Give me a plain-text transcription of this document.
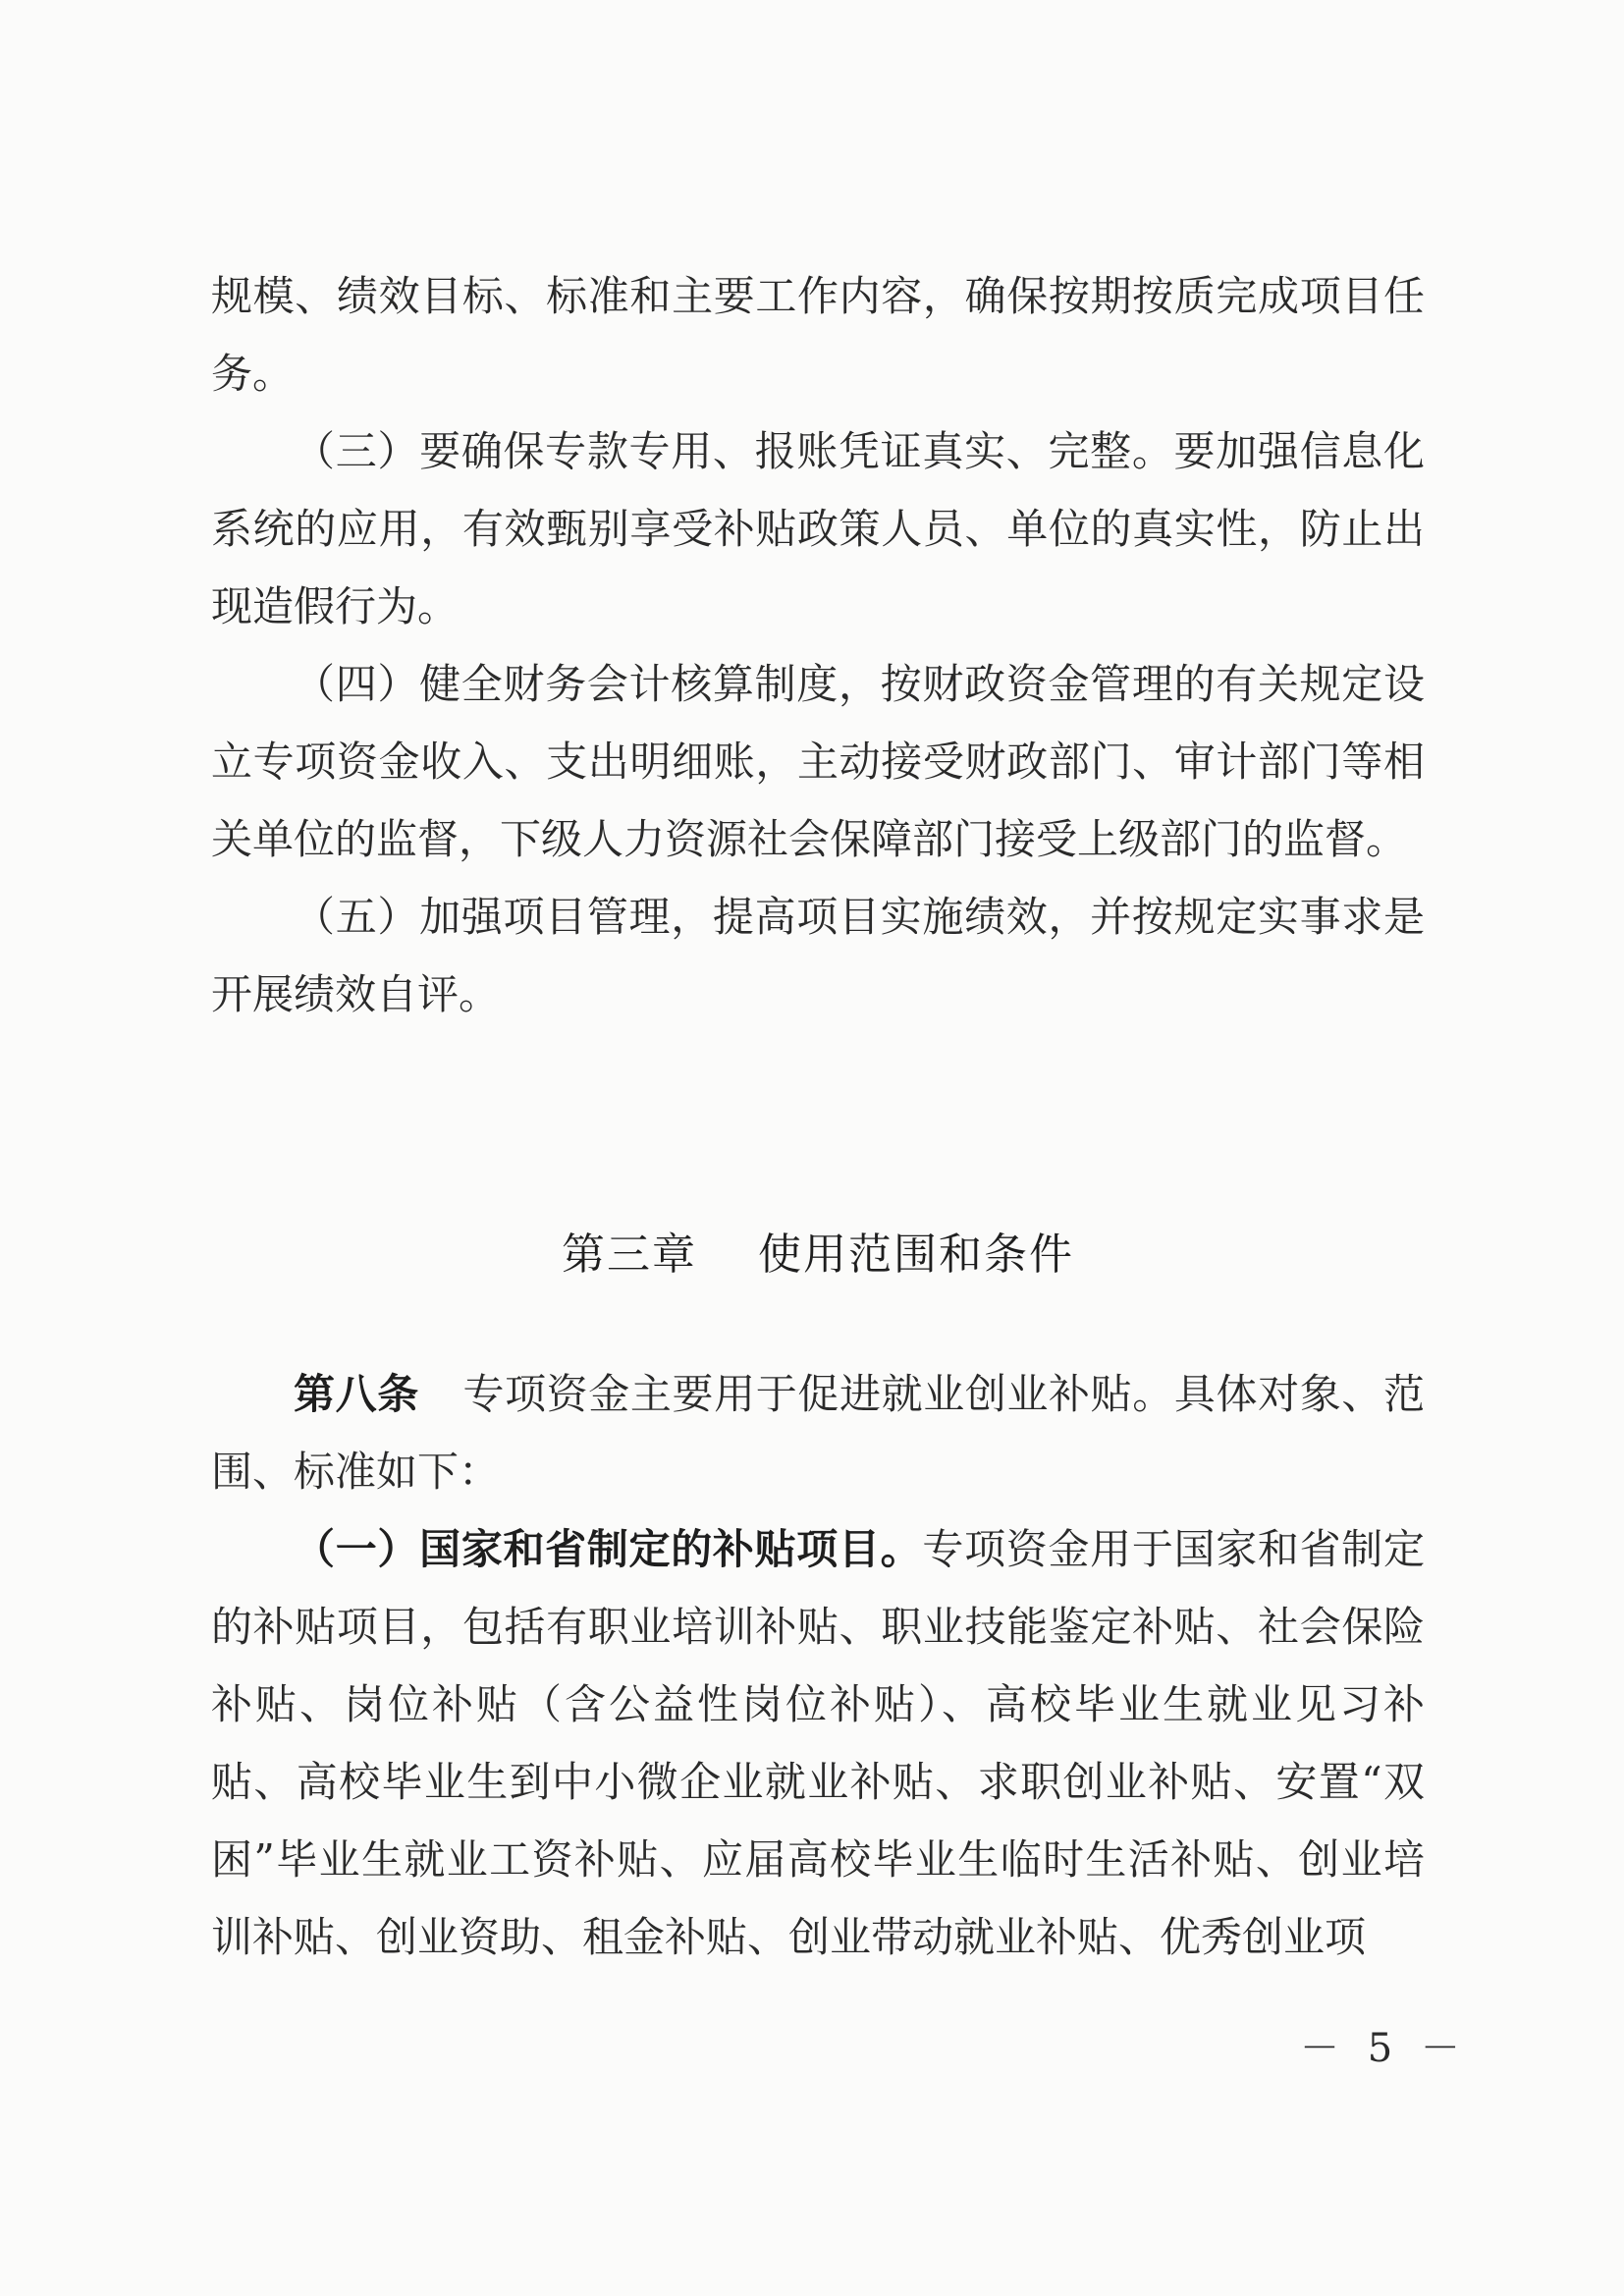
规模、绩效目标、标准和主要工作内容，确保按期按质完成项目任务。

（三）要确保专款专用、报账凭证真实、完整。要加强信息化系统的应用，有效甄别享受补贴政策人员、单位的真实性，防止出现造假行为。

（四）健全财务会计核算制度，按财政资金管理的有关规定设立专项资金收入、支出明细账，主动接受财政部门、审计部门等相关单位的监督，下级人力资源社会保障部门接受上级部门的监督。

（五）加强项目管理，提高项目实施绩效，并按规定实事求是开展绩效自评。

第三章 使用范围和条件

第八条 专项资金主要用于促进就业创业补贴。具体对象、范围、标准如下：

（一）国家和省制定的补贴项目。专项资金用于国家和省制定的补贴项目，包括有职业培训补贴、职业技能鉴定补贴、社会保险补贴、岗位补贴（含公益性岗位补贴）、高校毕业生就业见习补贴、高校毕业生到中小微企业就业补贴、求职创业补贴、安置“双困”毕业生就业工资补贴、应届高校毕业生临时生活补贴、创业培训补贴、创业资助、租金补贴、创业带动就业补贴、优秀创业项

－ 5 －
